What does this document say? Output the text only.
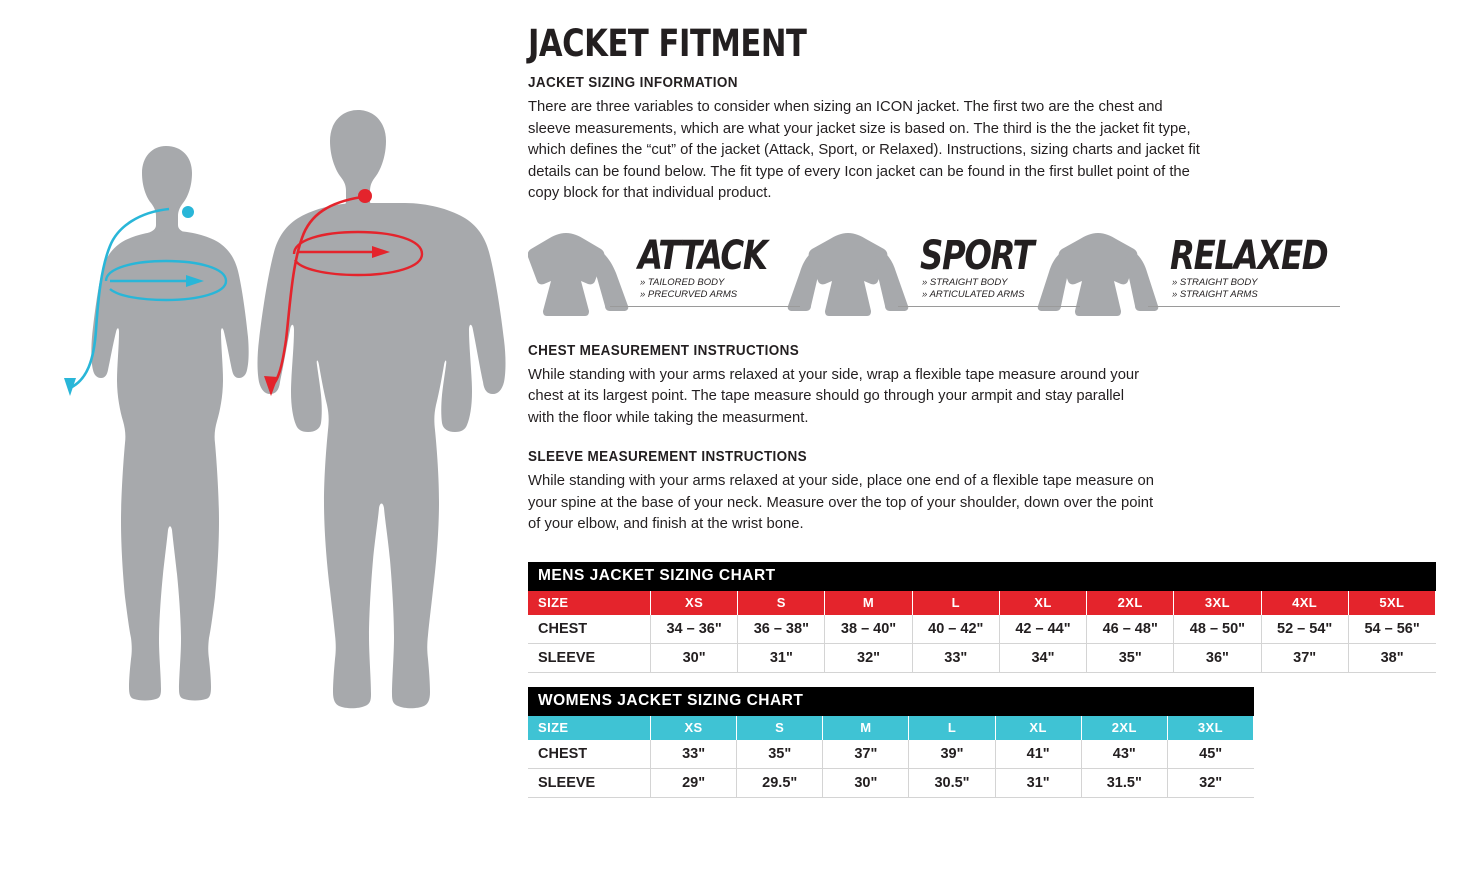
JACKET FITMENT
JACKET SIZING INFORMATION

There are three variables to consider when sizing an ICON jacket. The first two are the chest and sleeve measurements, which are what your jacket size is based on. The third is the the jacket fit type, which defines the “cut” of the jacket (Attack, Sport, or Relaxed). Instructions, sizing charts and jacket fit details can be found below. The fit type of every Icon jacket can be found in the first bullet point of the copy block for that individual product.

ATTACK
» TAILORED BODY
» PRECURVED ARMS
SPORT
» STRAIGHT BODY
» ARTICULATED ARMS
RELAXED
» STRAIGHT BODY
» STRAIGHT ARMS
CHEST MEASUREMENT INSTRUCTIONS

While standing with your arms relaxed at your side, wrap a flexible tape measure around your chest at its largest point. The tape measure should go through your armpit and stay parallel with the floor while taking the measurment.

SLEEVE MEASUREMENT INSTRUCTIONS

While standing with your arms relaxed at your side, place one end of a flexible tape measure on your spine at the base of your neck. Measure over the top of your shoulder, down over the point of your elbow, and finish at the wrist bone.

MENS JACKET SIZING CHART
SIZE	XS	S	M	L	XL	2XL	3XL	4XL	5XL
CHEST	34 – 36"	36 – 38"	38 – 40"	40 – 42"	42 – 44"	46 – 48"	48 – 50"	52 – 54"	54 – 56"
SLEEVE	30"	31"	32"	33"	34"	35"	36"	37"	38"
WOMENS JACKET SIZING CHART
SIZE	XS	S	M	L	XL	2XL	3XL
CHEST	33"	35"	37"	39"	41"	43"	45"
SLEEVE	29"	29.5"	30"	30.5"	31"	31.5"	32"
